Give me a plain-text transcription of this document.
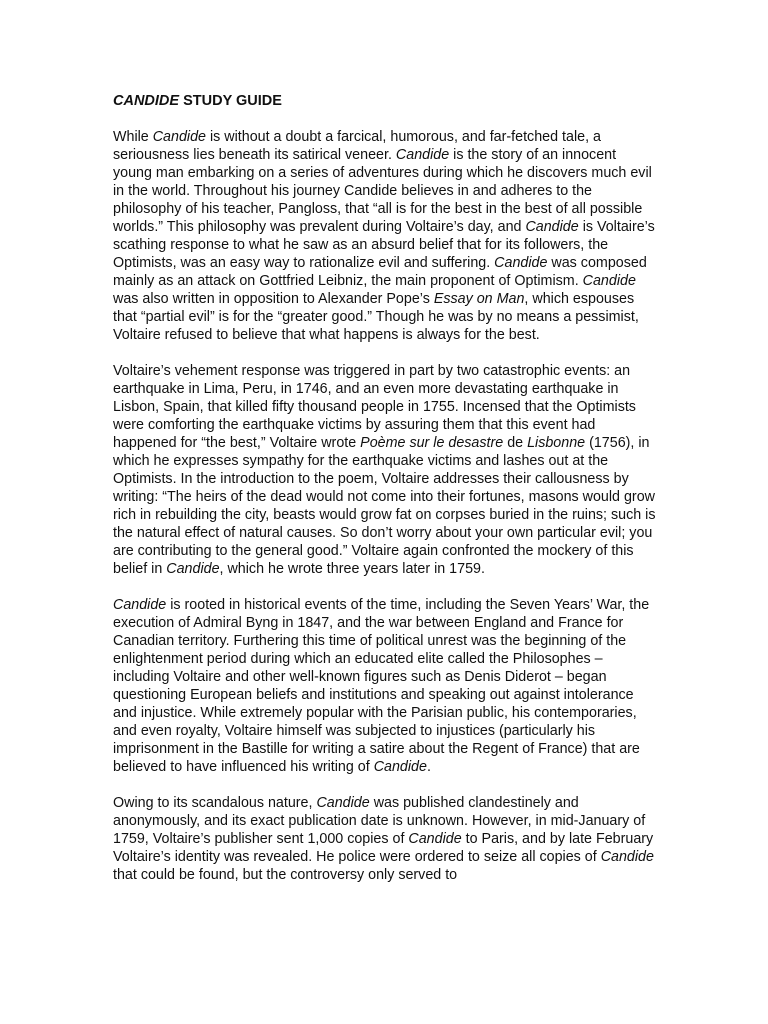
CANDIDE STUDY GUIDE

While Candide is without a doubt a farcical, humorous, and far-fetched tale, a seriousness lies beneath its satirical veneer. Candide is the story of an innocent young man embarking on a series of adventures during which he discovers much evil in the world. Throughout his journey Candide believes in and adheres to the philosophy of his teacher, Pangloss, that “all is for the best in the best of all possible worlds.” This philosophy was prevalent during Voltaire’s day, and Candide is Voltaire’s scathing response to what he saw as an absurd belief that for its followers, the Optimists, was an easy way to rationalize evil and suffering. Candide was composed mainly as an attack on Gottfried Leibniz, the main proponent of Optimism. Candide was also written in opposition to Alexander Pope’s Essay on Man, which espouses that “partial evil” is for the “greater good.” Though he was by no means a pessimist, Voltaire refused to believe that what happens is always for the best.

Voltaire’s vehement response was triggered in part by two catastrophic events: an earthquake in Lima, Peru, in 1746, and an even more devastating earthquake in Lisbon, Spain, that killed fifty thousand people in 1755. Incensed that the Optimists were comforting the earthquake victims by assuring them that this event had happened for “the best,” Voltaire wrote Poème sur le desastre de Lisbonne (1756), in which he expresses sympathy for the earthquake victims and lashes out at the Optimists. In the introduction to the poem, Voltaire addresses their callousness by writing: “The heirs of the dead would not come into their fortunes, masons would grow rich in rebuilding the city, beasts would grow fat on corpses buried in the ruins; such is the natural effect of natural causes. So don’t worry about your own particular evil; you are contributing to the general good.” Voltaire again confronted the mockery of this belief in Candide, which he wrote three years later in 1759.

Candide is rooted in historical events of the time, including the Seven Years’ War, the execution of Admiral Byng in 1847, and the war between England and France for Canadian territory. Furthering this time of political unrest was the beginning of the enlightenment period during which an educated elite called the Philosophes – including Voltaire and other well-known figures such as Denis Diderot – began questioning European beliefs and institutions and speaking out against intolerance and injustice. While extremely popular with the Parisian public, his contemporaries, and even royalty, Voltaire himself was subjected to injustices (particularly his imprisonment in the Bastille for writing a satire about the Regent of France) that are believed to have influenced his writing of Candide.

Owing to its scandalous nature, Candide was published clandestinely and anonymously, and its exact publication date is unknown. However, in mid-January of 1759, Voltaire’s publisher sent 1,000 copies of Candide to Paris, and by late February Voltaire’s identity was revealed. He police were ordered to seize all copies of Candide that could be found, but the controversy only served to
